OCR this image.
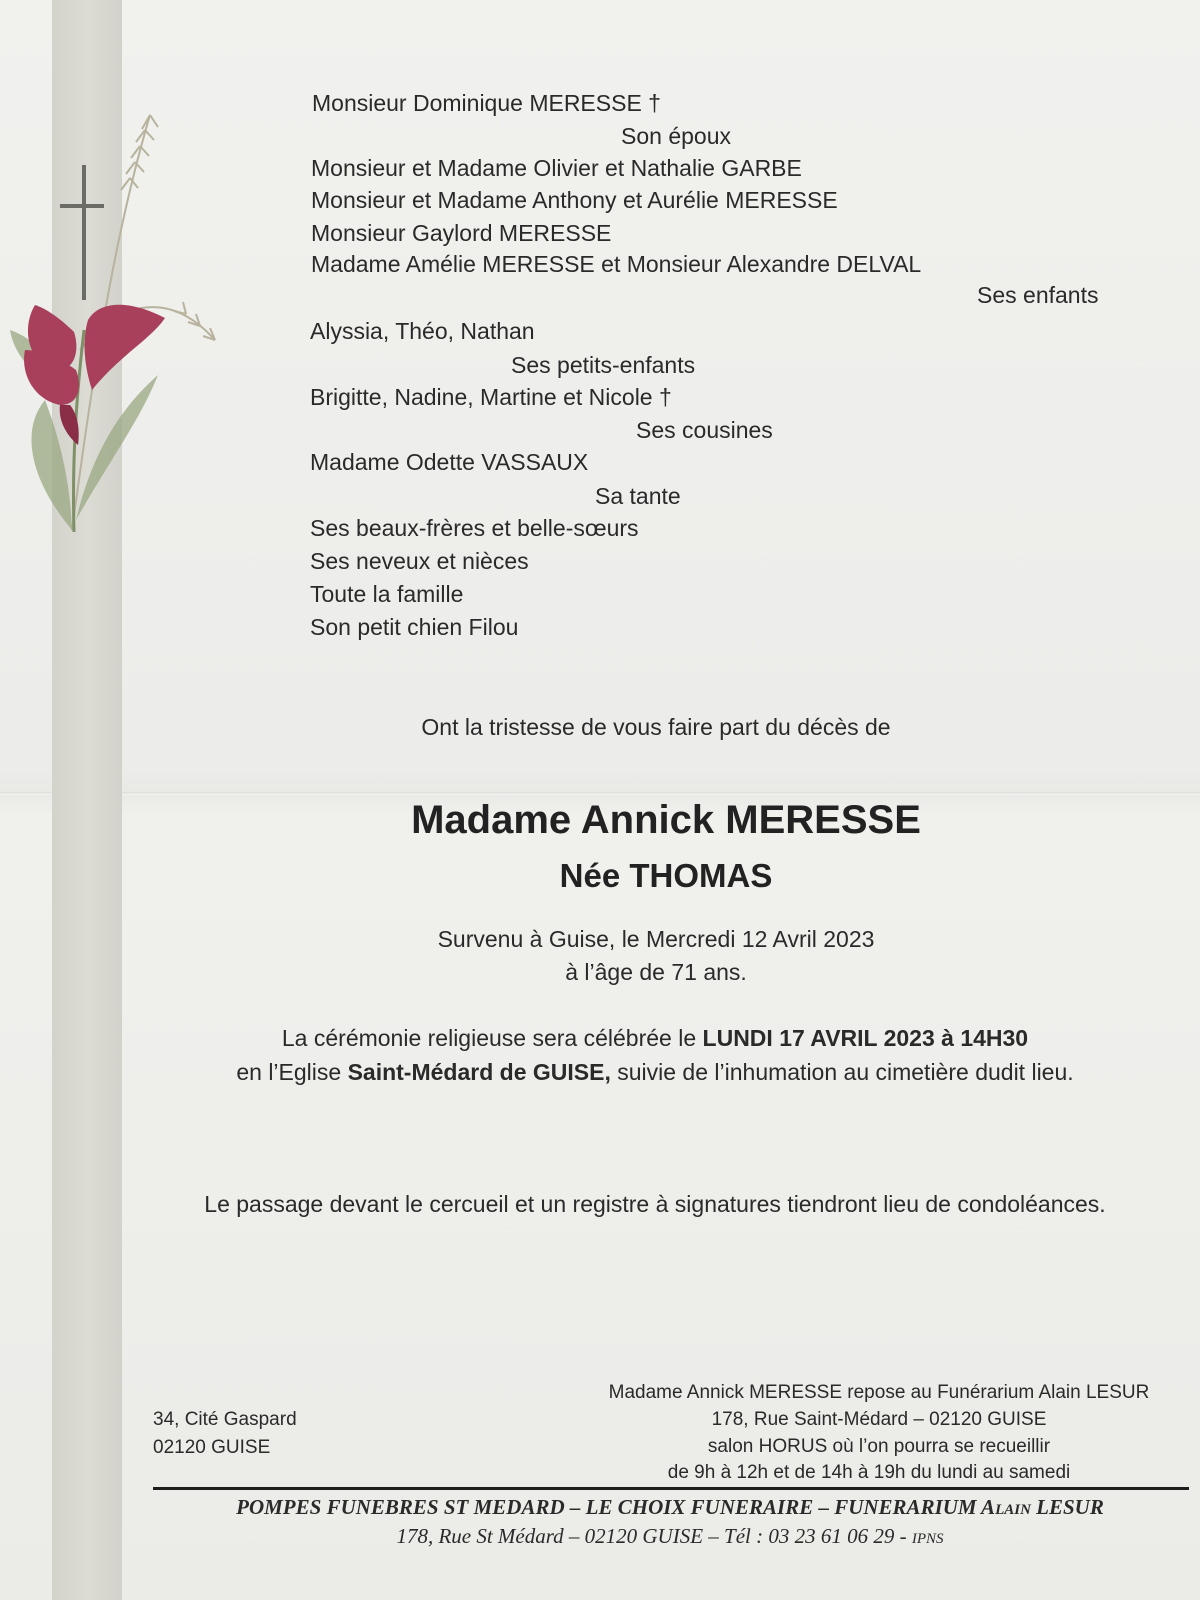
Monsieur Dominique MERESSE †
Son époux
Monsieur et Madame Olivier et Nathalie GARBE
Monsieur et Madame Anthony et Aurélie MERESSE
Monsieur Gaylord MERESSE
Madame Amélie MERESSE et Monsieur Alexandre DELVAL
Ses enfants
Alyssia, Théo, Nathan
Ses petits-enfants
Brigitte, Nadine, Martine et Nicole †
Ses cousines
Madame Odette VASSAUX
Sa tante
Ses beaux-frères et belle-sœurs
Ses neveux et nièces
Toute la famille
Son petit chien Filou
Ont la tristesse de vous faire part du décès de
Madame Annick MERESSE
Née THOMAS
Survenu à Guise, le Mercredi 12 Avril 2023
à l’âge de 71 ans.
La cérémonie religieuse sera célébrée le LUNDI 17 AVRIL 2023 à 14H30
en l’Eglise Saint-Médard de GUISE, suivie de l’inhumation au cimetière dudit lieu.
Le passage devant le cercueil et un registre à signatures tiendront lieu de condoléances.
34, Cité Gaspard
02120 GUISE
Madame Annick MERESSE repose au Funérarium Alain LESUR
178, Rue Saint-Médard – 02120 GUISE
salon HORUS où l’on pourra se recueillir
de 9h à 12h et de 14h à 19h du lundi au samedi
POMPES FUNEBRES ST MEDARD – LE CHOIX FUNERAIRE – FUNERARIUM Alain LESUR
178, Rue St Médard – 02120 GUISE – Tél : 03 23 61 06 29 - IPNS
